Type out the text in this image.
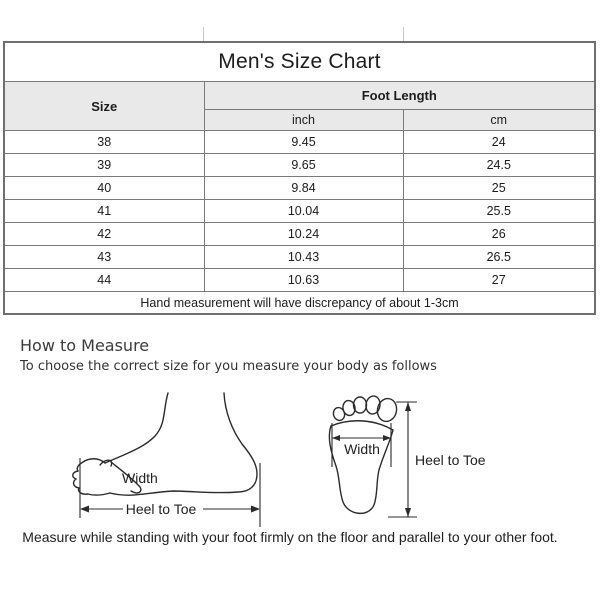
Men's Size Chart		
Size	Foot Length	
	inch	cm
38	9.45	24
39	9.65	24.5
40	9.84	25
41	10.04	25.5
42	10.24	26
43	10.43	26.5
44	10.63	27
Hand measurement will have discrepancy of about 1-3cm		
How to Measure
To choose the correct size for you measure your body as follows
Width
Heel to Toe
Width
Heel to Toe
Measure while standing with your foot firmly on the floor and parallel to your other foot.
